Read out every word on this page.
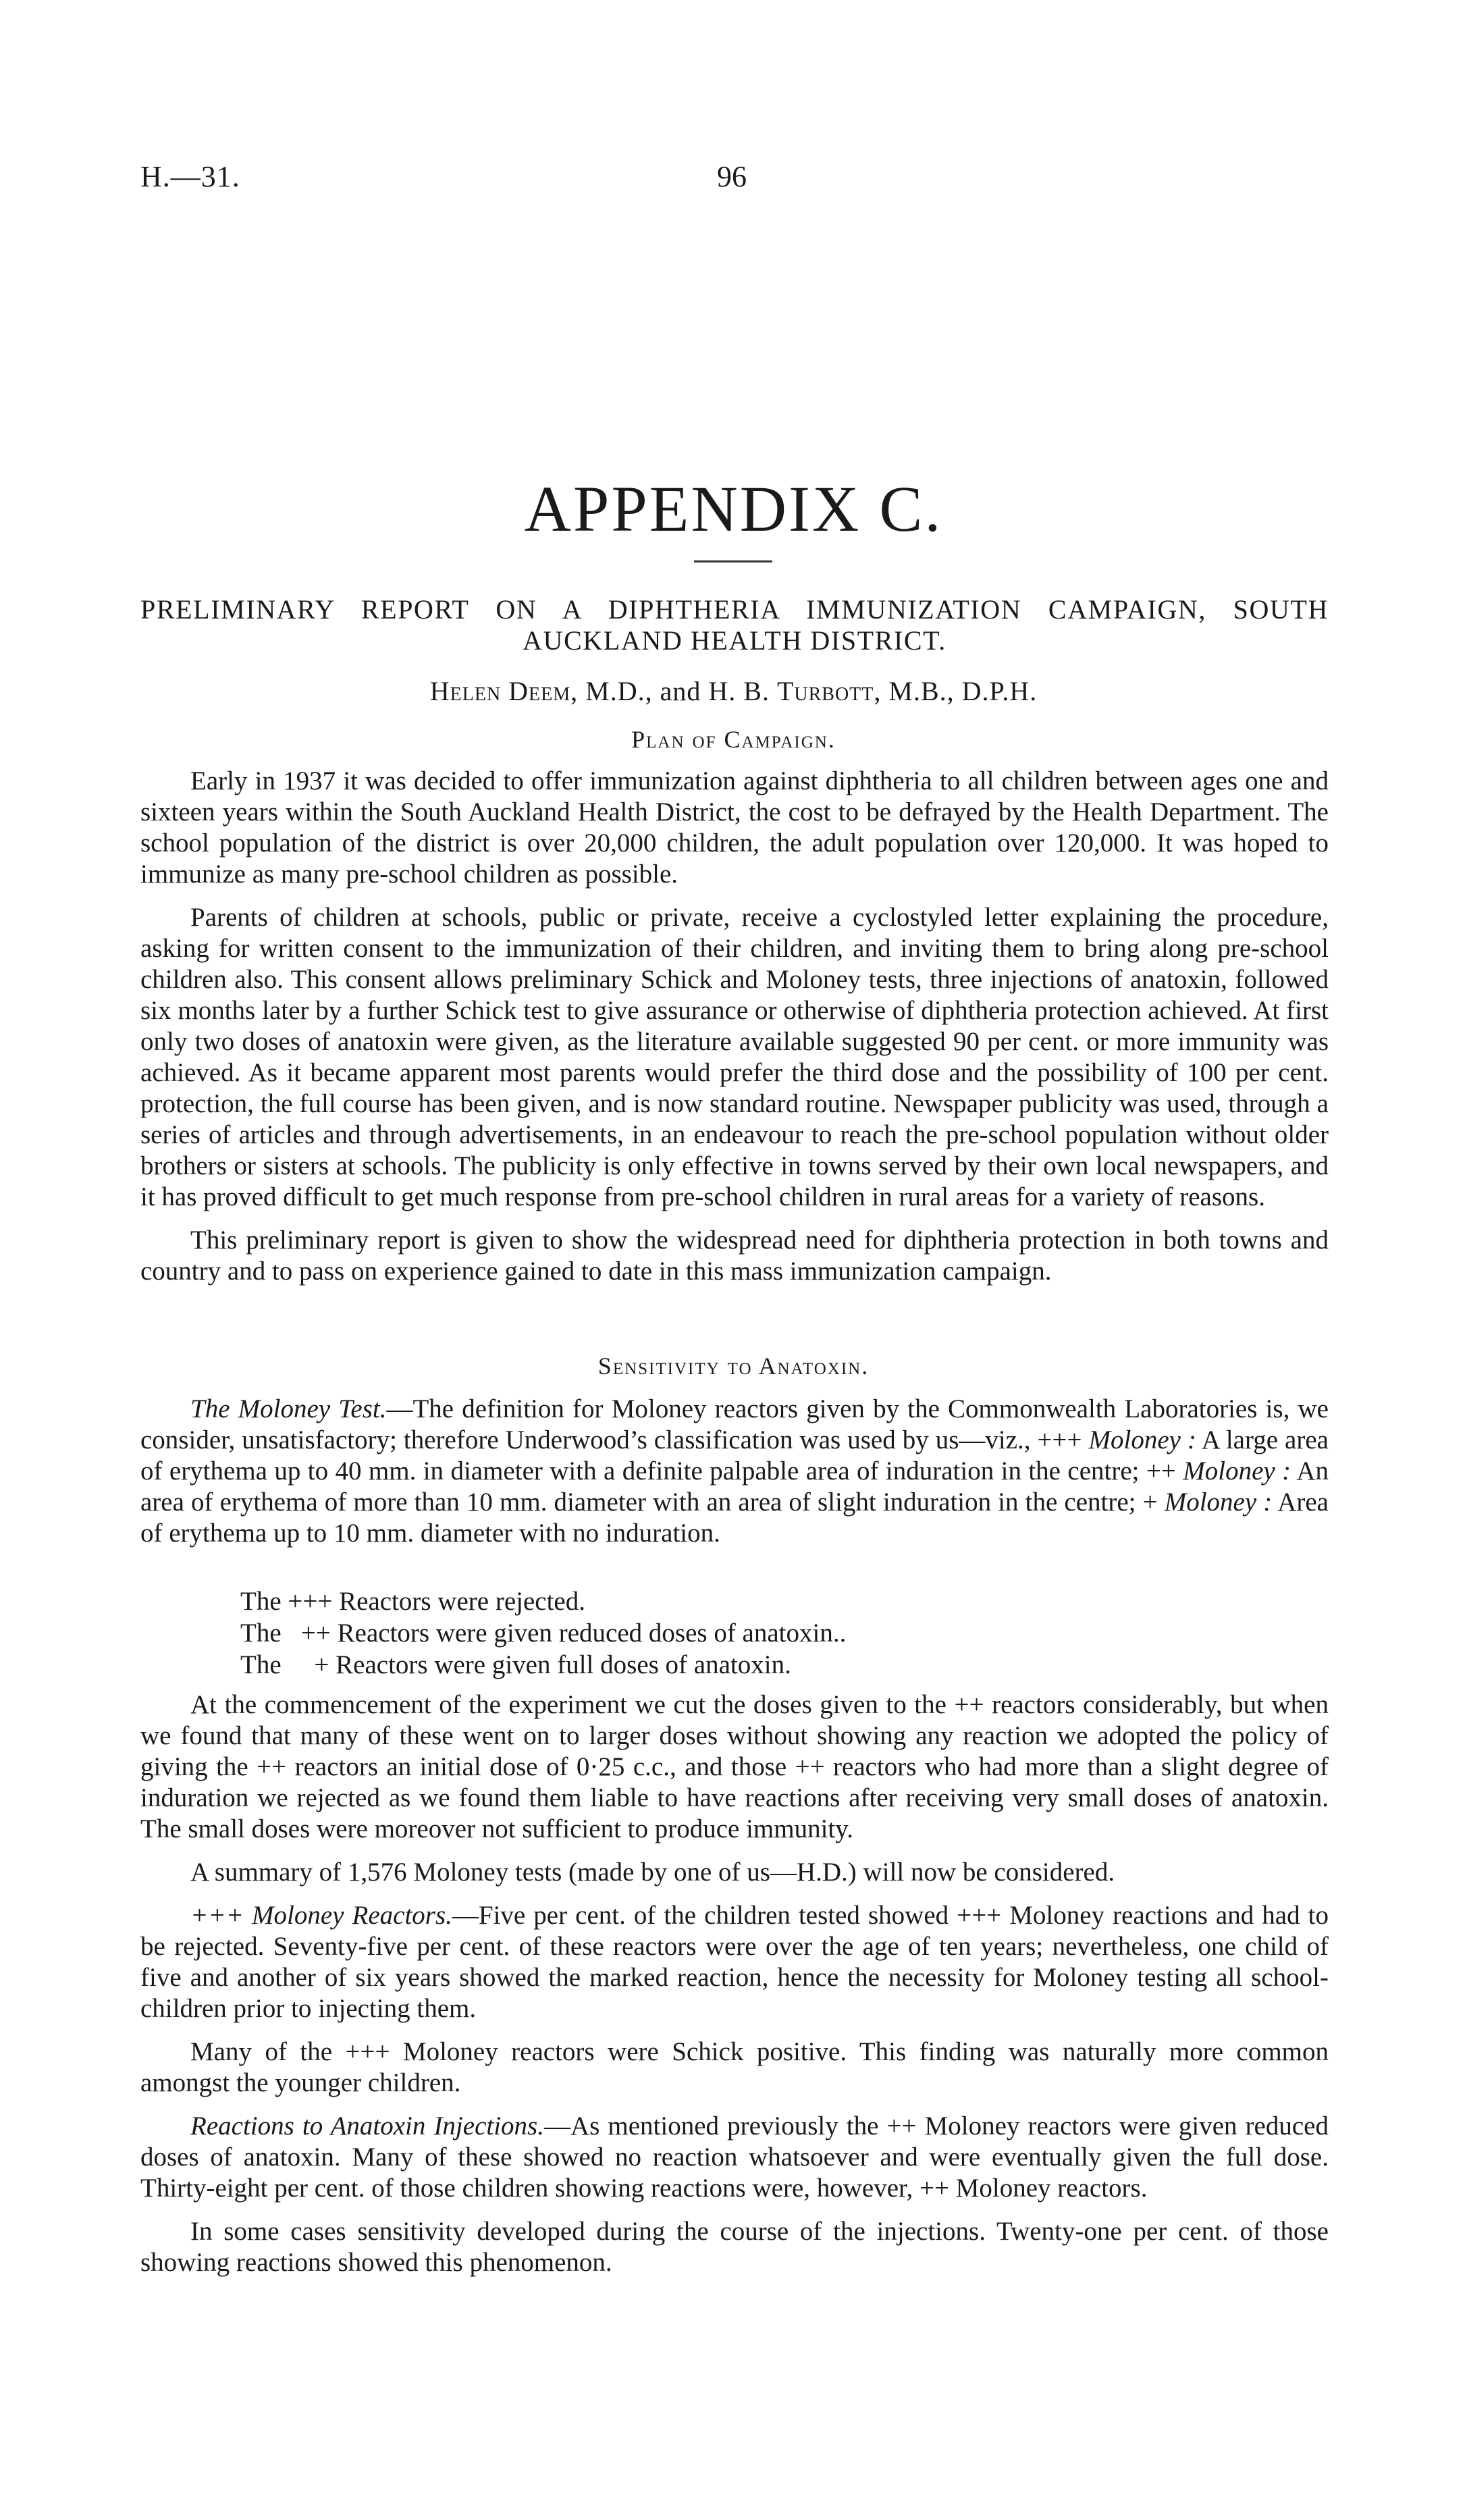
H.—31.	96
APPENDIX C.
PRELIMINARY REPORT ON A DIPHTHERIA IMMUNIZATION CAMPAIGN, SOUTH
AUCKLAND HEALTH DISTRICT.
Helen Deem, M.D., and H. B. Turbott, M.B., D.P.H.
Plan of Campaign.

Early in 1937 it was decided to offer immunization against diphtheria to all children between ages one and sixteen years within the South Auckland Health District, the cost to be defrayed by the Health Department. The school population of the district is over 20,000 children, the adult population over 120,000. It was hoped to immunize as many pre-school children as possible.

Parents of children at schools, public or private, receive a cyclostyled letter explaining the procedure, asking for written consent to the immunization of their children, and inviting them to bring along pre-school children also. This consent allows preliminary Schick and Moloney tests, three injections of anatoxin, followed six months later by a further Schick test to give assurance or otherwise of diphtheria protection achieved. At first only two doses of anatoxin were given, as the literature available suggested 90 per cent. or more immunity was achieved. As it became apparent most parents would prefer the third dose and the possibility of 100 per cent. protection, the full course has been given, and is now standard routine. Newspaper publicity was used, through a series of articles and through advertisements, in an endeavour to reach the pre-school population without older brothers or sisters at schools. The publicity is only effective in towns served by their own local newspapers, and it has proved difficult to get much response from pre-school children in rural areas for a variety of reasons.

This preliminary report is given to show the widespread need for diphtheria protection in both towns and country and to pass on experience gained to date in this mass immunization campaign.

Sensitivity to Anatoxin.

The Moloney Test.—The definition for Moloney reactors given by the Commonwealth Laboratories is, we consider, unsatisfactory; therefore Underwood’s classification was used by us—viz., +++ Moloney : A large area of erythema up to 40 mm. in diameter with a definite palpable area of induration in the centre; ++ Moloney : An area of erythema of more than 10 mm. diameter with an area of slight induration in the centre; + Moloney : Area of erythema up to 10 mm. diameter with no induration.

The +++ Reactors were rejected.
The   ++ Reactors were given reduced doses of anatoxin..
The     + Reactors were given full doses of anatoxin.

At the commencement of the experiment we cut the doses given to the ++ reactors considerably, but when we found that many of these went on to larger doses without showing any reaction we adopted the policy of giving the ++ reactors an initial dose of 0·25 c.c., and those ++ reactors who had more than a slight degree of induration we rejected as we found them liable to have reactions after receiving very small doses of anatoxin. The small doses were moreover not sufficient to produce immunity.

A summary of 1,576 Moloney tests (made by one of us—H.D.) will now be considered.

+++ Moloney Reactors.—Five per cent. of the children tested showed +++ Moloney reactions and had to be rejected. Seventy-five per cent. of these reactors were over the age of ten years; nevertheless, one child of five and another of six years showed the marked reaction, hence the necessity for Moloney testing all school-children prior to injecting them.

Many of the +++ Moloney reactors were Schick positive. This finding was naturally more common amongst the younger children.

Reactions to Anatoxin Injections.—As mentioned previously the ++ Moloney reactors were given reduced doses of anatoxin. Many of these showed no reaction whatsoever and were eventually given the full dose. Thirty-eight per cent. of those children showing reactions were, however, ++ Moloney reactors.

In some cases sensitivity developed during the course of the injections. Twenty-one per cent. of those showing reactions showed this phenomenon.
